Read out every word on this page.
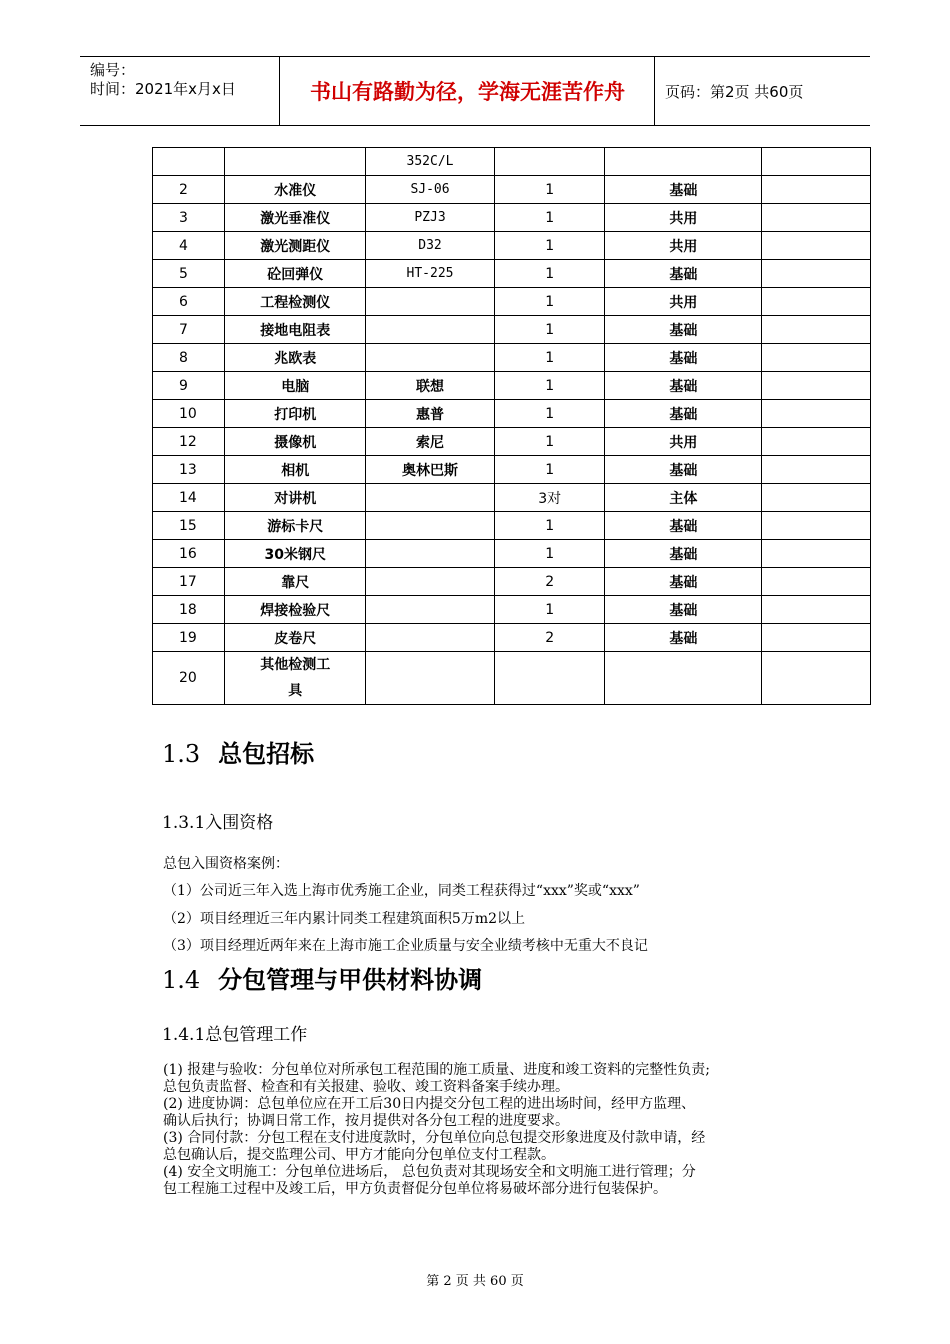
编号：
时间：2021年x月x日	书山有路勤为径，学海无涯苦作舟	页码：第2页 共60页
		352C/L			
2	水准仪	SJ-06	1	基础	
3	激光垂准仪	PZJ3	1	共用	
4	激光测距仪	D32	1	共用	
5	砼回弹仪	HT-225	1	基础	
6	工程检测仪		1	共用	
7	接地电阻表		1	基础	
8	兆欧表		1	基础	
9	电脑	联想	1	基础	
10	打印机	惠普	1	基础	
12	摄像机	索尼	1	共用	
13	相机	奥林巴斯	1	基础	
14	对讲机		3对	主体	
15	游标卡尺		1	基础	
16	30米钢尺		1	基础	
17	靠尺		2	基础	
18	焊接检验尺		1	基础	
19	皮卷尺		2	基础	
20	其他检测工具				
1.3 总包招标
1.3.1入围资格
总包入围资格案例：
（1）公司近三年入选上海市优秀施工企业，同类工程获得过“xxx”奖或“xxx”
（2）项目经理近三年内累计同类工程建筑面积5万m2以上
（3）项目经理近两年来在上海市施工企业质量与安全业绩考核中无重大不良记
1.4 分包管理与甲供材料协调
1.4.1总包管理工作

(1) 报建与验收：分包单位对所承包工程范围的施工质量、进度和竣工资料的完整性负责;

总包负责监督、检查和有关报建、验收、竣工资料备案手续办理。

(2) 进度协调：总包单位应在开工后30日内提交分包工程的进出场时间，经甲方监理、

确认后执行；协调日常工作，按月提供对各分包工程的进度要求。

(3) 合同付款：分包工程在支付进度款时，分包单位向总包提交形象进度及付款申请，经

总包确认后，提交监理公司、甲方才能向分包单位支付工程款。

(4) 安全文明施工：分包单位进场后， 总包负责对其现场安全和文明施工进行管理；分

包工程施工过程中及竣工后，甲方负责督促分包单位将易破坏部分进行包装保护。

第 2 页 共 60 页
